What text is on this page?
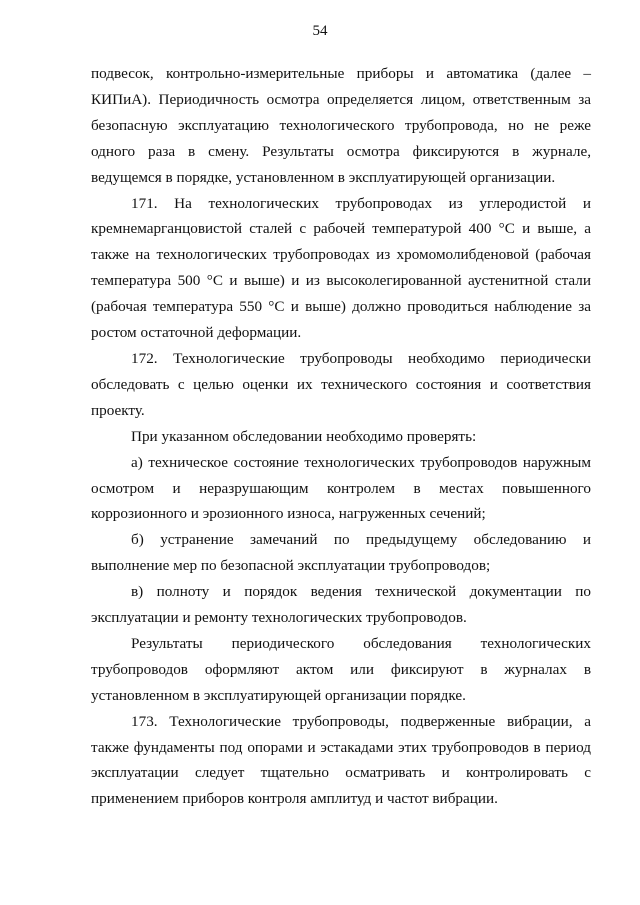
54

подвесок, контрольно-измерительные приборы и автоматика (далее – КИПиА). Периодичность осмотра определяется лицом, ответственным за безопасную эксплуатацию технологического трубопровода, но не реже одного раза в смену. Результаты осмотра фиксируются в журнале, ведущемся в порядке, установленном в эксплуатирующей организации.

171. На технологических трубопроводах из углеродистой и кремнемарганцовистой сталей с рабочей температурой 400 °С и выше, а также на технологических трубопроводах из хромомолибденовой (рабочая температура 500 °С и выше) и из высоколегированной аустенитной стали (рабочая температура 550 °С и выше) должно проводиться наблюдение за ростом остаточной деформации.

172. Технологические трубопроводы необходимо периодически обследовать с целью оценки их технического состояния и соответствия проекту.

При указанном обследовании необходимо проверять:

а) техническое состояние технологических трубопроводов наружным осмотром и неразрушающим контролем в местах повышенного коррозионного и эрозионного износа, нагруженных сечений;

б) устранение замечаний по предыдущему обследованию и выполнение мер по безопасной эксплуатации трубопроводов;

в) полноту и порядок ведения технической документации по эксплуатации и ремонту технологических трубопроводов.

Результаты периодического обследования технологических трубопроводов оформляют актом или фиксируют в журналах в установленном в эксплуатирующей организации порядке.

173. Технологические трубопроводы, подверженные вибрации, а также фундаменты под опорами и эстакадами этих трубопроводов в период эксплуатации следует тщательно осматривать и контролировать с применением приборов контроля амплитуд и частот вибрации.
